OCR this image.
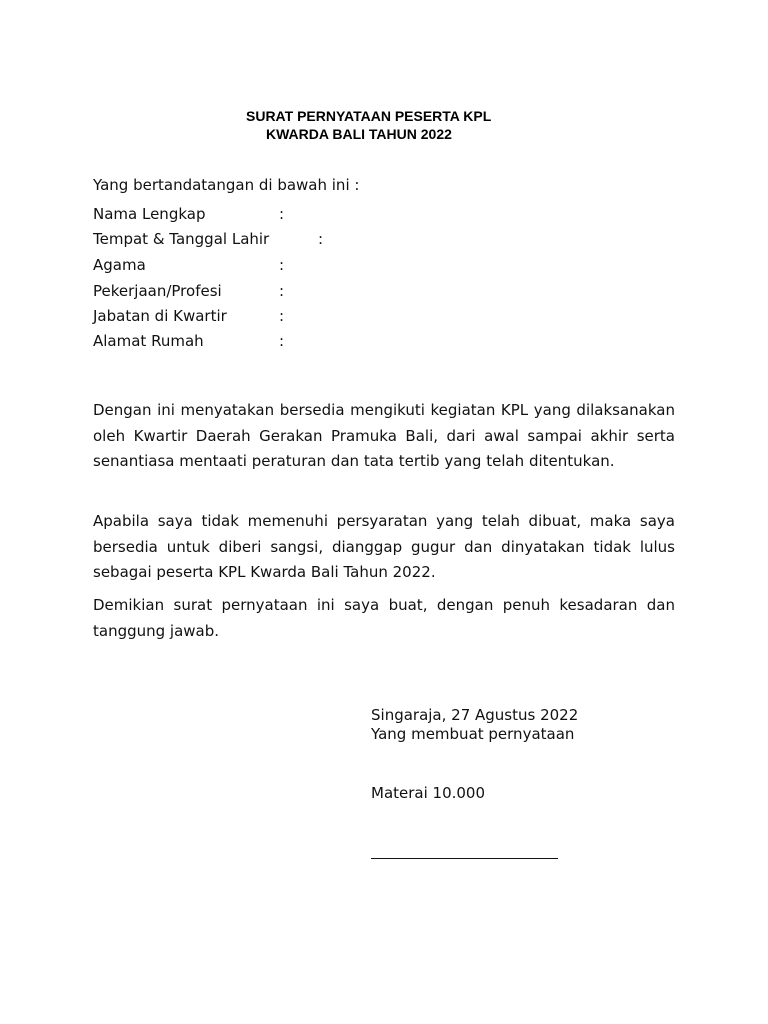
SURAT PERNYATAAN PESERTA KPL
KWARDA BALI TAHUN 2022
Yang bertandatangan di bawah ini :
Nama Lengkap	:
Tempat & Tanggal Lahir	:
Agama	:
Pekerjaan/Profesi	:
Jabatan di Kwartir	:
Alamat Rumah	:

Dengan ini menyatakan bersedia mengikuti kegiatan KPL yang dilaksanakan oleh Kwartir Daerah Gerakan Pramuka Bali, dari awal sampai akhir serta senantiasa mentaati peraturan dan tata tertib yang telah ditentukan.

Apabila saya tidak memenuhi persyaratan yang telah dibuat, maka saya bersedia untuk diberi sangsi, dianggap gugur dan dinyatakan tidak lulus sebagai peserta KPL Kwarda Bali Tahun 2022.

Demikian surat pernyataan ini saya buat, dengan penuh kesadaran dan tanggung jawab.

Singaraja, 27 Agustus 2022
Yang membuat pernyataan
Materai 10.000
